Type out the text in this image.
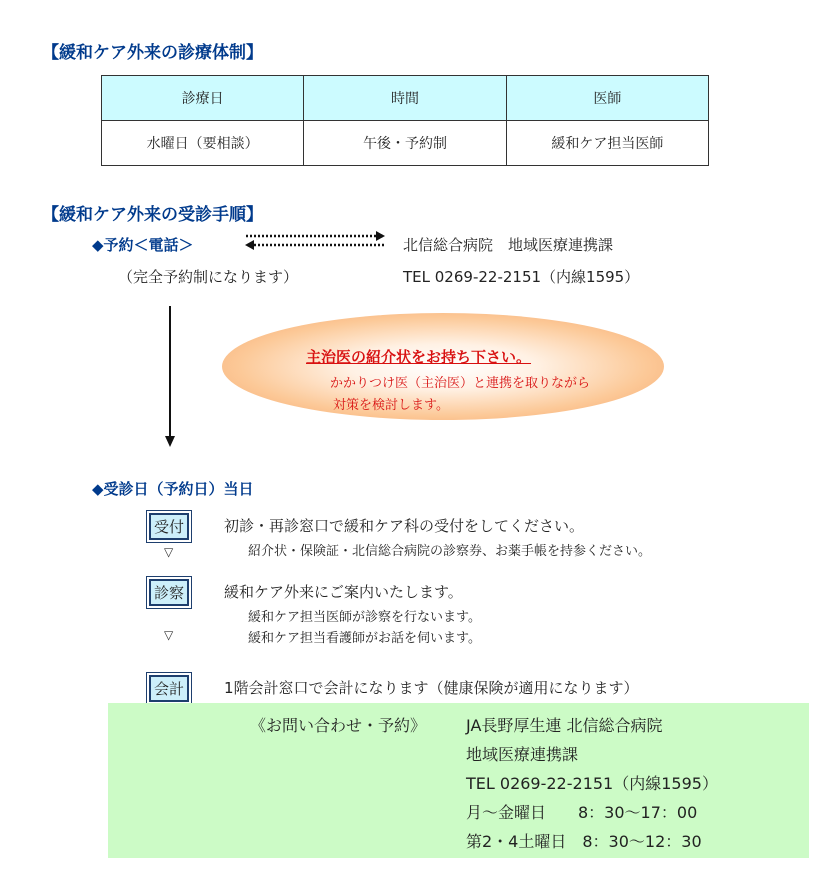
【緩和ケア外来の診療体制】
診療日	時間	医師
水曜日（要相談）	午後・予約制	緩和ケア担当医師
【緩和ケア外来の受診手順】
◆予約＜電話＞	北信総合病院　地域医療連携課
（完全予約制になります）	TEL 0269-22-2151（内線1595）
主治医の紹介状をお持ち下さい。
かかりつけ医（主治医）と連携を取りながら
対策を検討します。
◆受診日（予約日）当日
受付	初診・再診窓口で緩和ケア科の受付をしてください。
紹介状・保険証・北信総合病院の診察券、お薬手帳を持参ください。
▽
診察	緩和ケア外来にご案内いたします。
緩和ケア担当医師が診察を行ないます。
緩和ケア担当看護師がお話を伺います。
▽
会計	1階会計窓口で会計になります（健康保険が適用になります）
《お問い合わせ・予約》 JA長野厚生連 北信総合病院
地域医療連携課
TEL 0269-22-2151（内線1595）
月～金曜日　　8：30～17：00
第2・4土曜日　8：30～12：30
